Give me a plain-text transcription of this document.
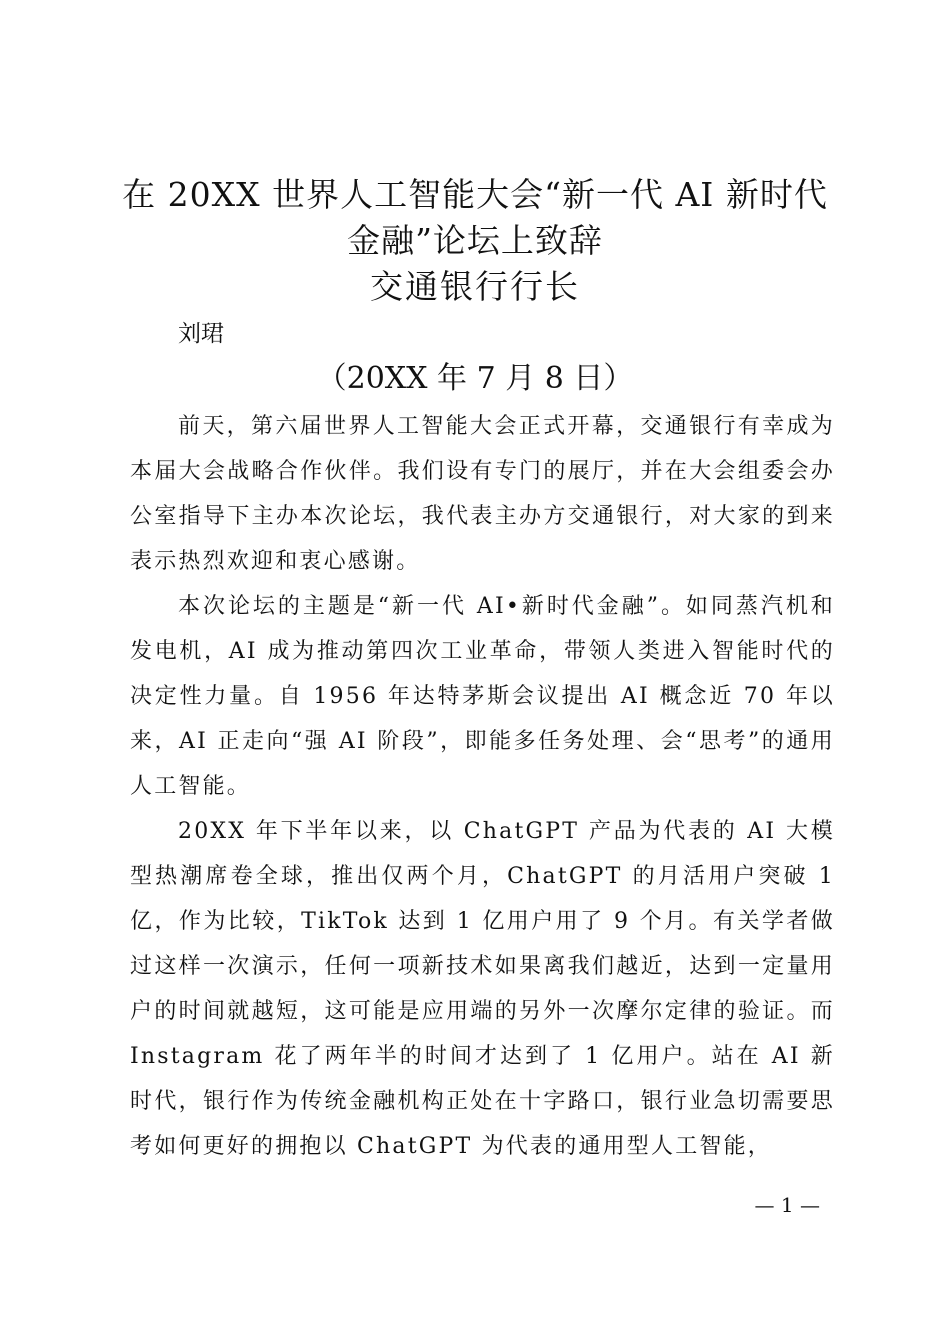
在 20XX 世界人工智能大会“新一代 AI 新时代金融”论坛上致辞
交通银行行长
刘珺
（20XX 年 7 月 8 日）

前天，第六届世界人工智能大会正式开幕，交通银行有幸成为本届大会战略合作伙伴。我们设有专门的展厅，并在大会组委会办公室指导下主办本次论坛，我代表主办方交通银行，对大家的到来表示热烈欢迎和衷心感谢。

本次论坛的主题是“新一代 AI•新时代金融”。如同蒸汽机和发电机，AI 成为推动第四次工业革命，带领人类进入智能时代的决定性力量。自 1956 年达特茅斯会议提出 AI 概念近 70 年以来，AI 正走向“强 AI 阶段”，即能多任务处理、会“思考”的通用人工智能。

20XX 年下半年以来，以 ChatGPT 产品为代表的 AI 大模型热潮席卷全球，推出仅两个月，ChatGPT 的月活用户突破 1 亿，作为比较，TikTok 达到 1 亿用户用了 9 个月。有关学者做过这样一次演示，任何一项新技术如果离我们越近，达到一定量用户的时间就越短，这可能是应用端的另外一次摩尔定律的验证。而 Instagram 花了两年半的时间才达到了 1 亿用户。站在 AI 新时代，银行作为传统金融机构正处在十字路口，银行业急切需要思考如何更好的拥抱以 ChatGPT 为代表的通用型人工智能，

— 1 —
